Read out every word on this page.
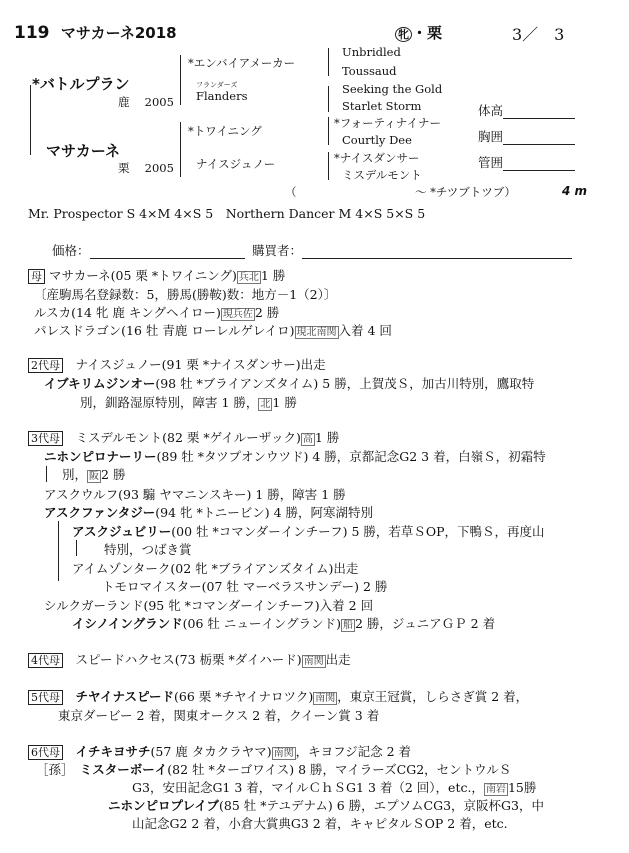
119 マサカーネ2018	牝 ・栗	3／　3
*バトルプラン
鹿　 2005
*エンバイアメーカー
フランダーズ
Flanders
Unbridled
Toussaud
Seeking the Gold
Starlet Storm
マサカーネ
栗　 2005
*トワイニング
ナイスジュノー
*フォーティナイナー
Courtly Dee
*ナイスダンサー
ミスデルモント
体高
胸囲
管囲
（	～ *チツブトツブ）	4 m
Mr. Prospector S 4×M 4×S 5　Northern Dancer M 4×S 5×S 5
価格：	購買者：
母 マサカーネ(05 栗 *トワイニング) 兵北 1 勝
〔産駒馬名登録数：5，勝馬(勝鞍)数：地方－1（2）〕
ルスカ(14 牝 鹿 キングヘイロー) 現兵佐 2 勝
パレスドラゴン(16 牡 青鹿 ローレルゲレイロ) 現北南関 入着 4 回
2代母　 ナイスジュノー(91 栗 *ナイスダンサー)出走
イブキリムジンオー(98 牡 *ブライアンズタイム) 5 勝，上賀茂Ｓ，加古川特別，鷹取特
別，釧路湿原特別，障害 1 勝， 北 1 勝
3代母　 ミスデルモント(82 栗 *ゲイルーザック) 高 1 勝
ニホンピロナーリー(89 牡 *タツプオンウツド) 4 勝，京都記念G2 3 着，白嶺Ｓ，初霜特
別， 阪 2 勝
アスクウルフ(93 騸 ヤマニンスキー) 1 勝，障害 1 勝
アスクファンタジー(94 牝 *トニービン) 4 勝，阿寒湖特別
アスクジュビリー(00 牡 *コマンダーインチーフ) 5 勝，若草ＳOP，下鴨Ｓ，再度山
特別，つばき賞
アイムゾンターク(02 牝 *ブライアンズタイム)出走
トモロマイスター(07 牡 マーベラスサンデー) 2 勝
シルクガーランド(95 牝 *コマンダーインチーフ)入着 2 回
イシノイングランド(06 牡 ニューイングランド) 船 2 勝，ジュニアＧＰ 2 着
4代母　 スピードハクセス(73 栃栗 *ダイハード) 南関 出走
5代母　 チヤイナスピード(66 栗 *チヤイナロツク) 南関 ，東京王冠賞，しらさぎ賞 2 着，
東京ダービー 2 着，関東オークス 2 着，クイーン賞 3 着
6代母　 イチキヨサチ(57 鹿 タカクラヤマ) 南関 ，キヨフジ記念 2 着
［孫］　 ミスターボーイ(82 牡 *ターゴワイス) 8 勝，マイラーズCG2，セントウルＳ
G3，安田記念G1 3 着，マイルＣｈＳG1 3 着（2 回），etc.， 南岩 15勝
ニホンピロプレイブ(85 牡 *テユデナム) 6 勝，エプソムCG3，京阪杯G3，中
山記念G2 2 着，小倉大賞典G3 2 着，キャピタルＳOP 2 着，etc.
